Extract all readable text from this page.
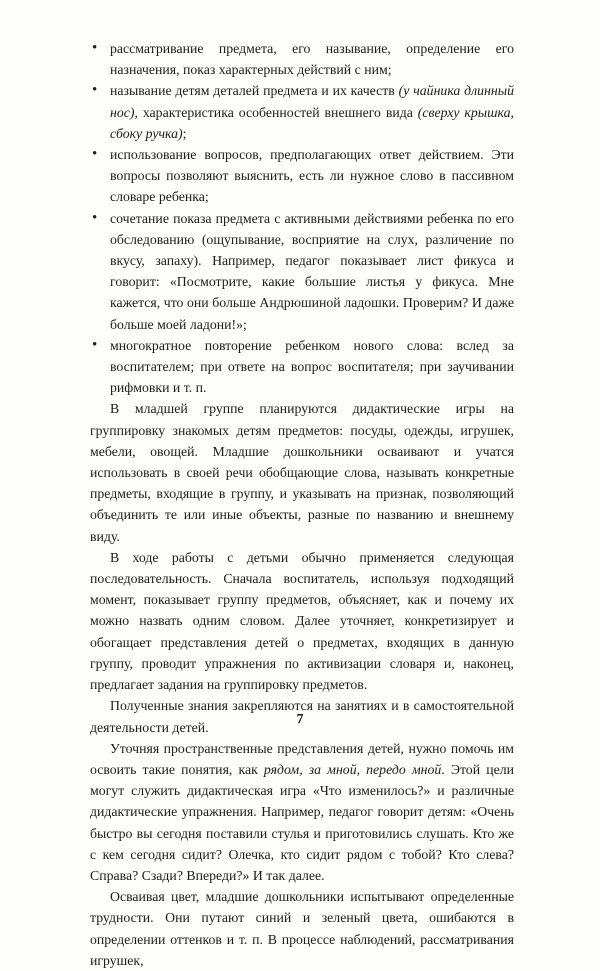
• рассматривание предмета, его называние, определение его назначения, показ характерных действий с ним;
• называние детям деталей предмета и их качеств (у чайника длинный нос), характеристика особенностей внешнего вида (сверху крышка, сбоку ручка);
• использование вопросов, предполагающих ответ действием. Эти вопросы позволяют выяснить, есть ли нужное слово в пассивном словаре ребенка;
• сочетание показа предмета с активными действиями ребенка по его обследованию (ощупывание, восприятие на слух, различение по вкусу, запаху). Например, педагог показывает лист фикуса и говорит: «Посмотрите, какие большие листья у фикуса. Мне кажется, что они больше Андрюшиной ладошки. Проверим? И даже больше моей ладони!»;
• многократное повторение ребенком нового слова: вслед за воспитателем; при ответе на вопрос воспитателя; при заучивании рифмовки и т. п.

В младшей группе планируются дидактические игры на группировку знакомых детям предметов: посуды, одежды, игрушек, мебели, овощей. Младшие дошкольники осваивают и учатся использовать в своей речи обобщающие слова, называть конкретные предметы, входящие в группу, и указывать на признак, позволяющий объединить те или иные объекты, разные по названию и внешнему виду.

В ходе работы с детьми обычно применяется следующая последовательность. Сначала воспитатель, используя подходящий момент, показывает группу предметов, объясняет, как и почему их можно назвать одним словом. Далее уточняет, конкретизирует и обогащает представления детей о предметах, входящих в данную группу, проводит упражнения по активизации словаря и, наконец, предлагает задания на группировку предметов.

Полученные знания закрепляются на занятиях и в самостоятельной деятельности детей.

Уточняя пространственные представления детей, нужно помочь им освоить такие понятия, как рядом, за мной, передо мной. Этой цели могут служить дидактическая игра «Что изменилось?» и различные дидактические упражнения. Например, педагог говорит детям: «Очень быстро вы сегодня поставили стулья и приготовились слушать. Кто же с кем сегодня сидит? Олечка, кто сидит рядом с тобой? Кто слева? Справа? Сзади? Впереди?» И так далее.

Осваивая цвет, младшие дошкольники испытывают определенные трудности. Они путают синий и зеленый цвета, ошибаются в определении оттенков и т. п. В процессе наблюдений, рассматривания игрушек,

7
